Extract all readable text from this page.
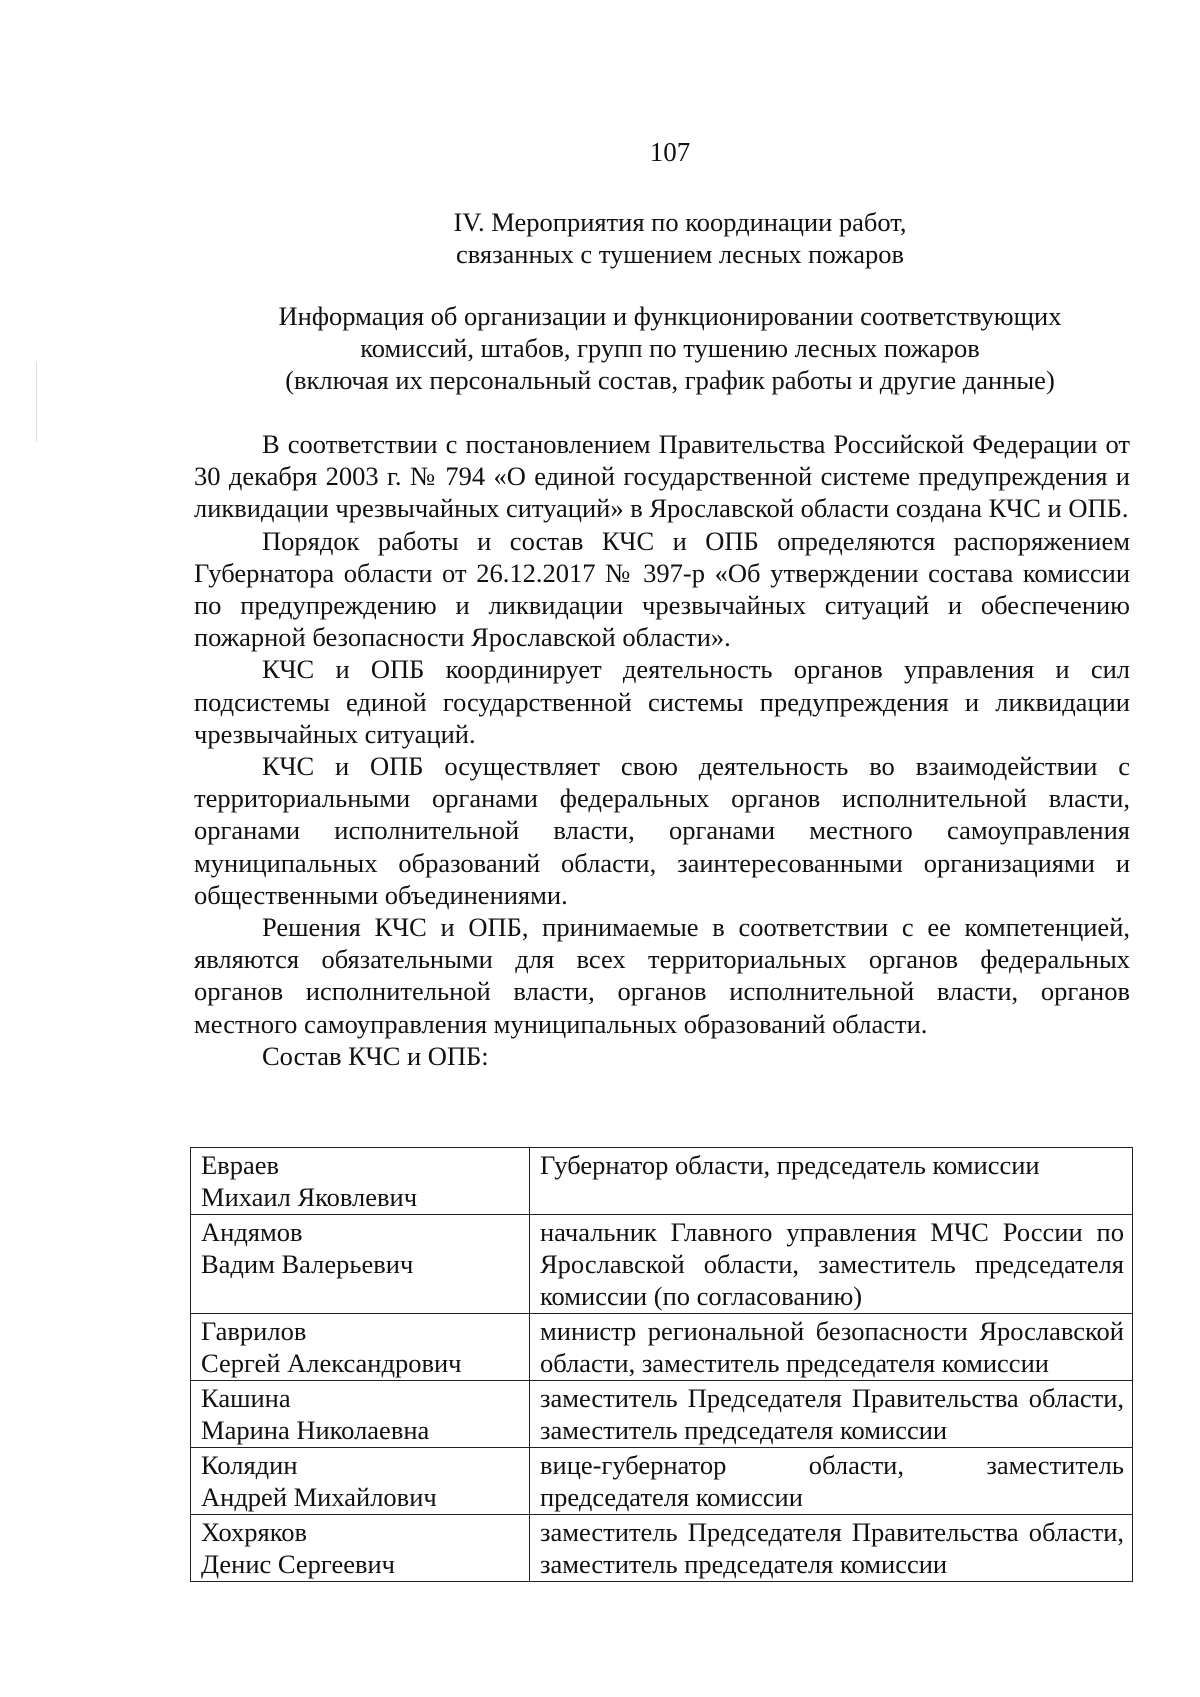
107
IV. Мероприятия по координации работ,
связанных с тушением лесных пожаров
Информация об организации и функционировании соответствующих
комиссий, штабов, групп по тушению лесных пожаров
(включая их персональный состав, график работы и другие данные)

В соответствии с постановлением Правительства Российской Федерации от 30 декабря 2003 г. № 794 «О единой государственной системе предупреждения и ликвидации чрезвычайных ситуаций» в Ярославской области создана КЧС и ОПБ.

Порядок работы и состав КЧС и ОПБ определяются распоряжением Губернатора области от 26.12.2017 № 397-р «Об утверждении состава комиссии по предупреждению и ликвидации чрезвычайных ситуаций и обеспечению пожарной безопасности Ярославской области».

КЧС и ОПБ координирует деятельность органов управления и сил подсистемы единой государственной системы предупреждения и ликвидации чрезвычайных ситуаций.

КЧС и ОПБ осуществляет свою деятельность во взаимодействии с территориальными органами федеральных органов исполнительной власти, органами исполнительной власти, органами местного самоуправления муниципальных образований области, заинтересованными организациями и общественными объединениями.

Решения КЧС и ОПБ, принимаемые в соответствии с ее компетенцией, являются обязательными для всех территориальных органов федеральных органов исполнительной власти, органов исполнительной власти, органов местного самоуправления муниципальных образований области.

Состав КЧС и ОПБ:

Евраев
Михаил Яковлевич	Губернатор области, председатель комиссии

Андямов
Вадим Валерьевич	начальник Главного управления МЧС России по Ярославской области, заместитель председателя комиссии (по согласованию)

Гаврилов
Сергей Александрович	министр региональной безопасности Ярославской области, заместитель председателя комиссии

Кашина
Марина Николаевна	заместитель Председателя Правительства области, заместитель председателя комиссии

Колядин
Андрей Михайлович	вице-губернатор области, заместитель председателя комиссии

Хохряков
Денис Сергеевич	заместитель Председателя Правительства области, заместитель председателя комиссии
